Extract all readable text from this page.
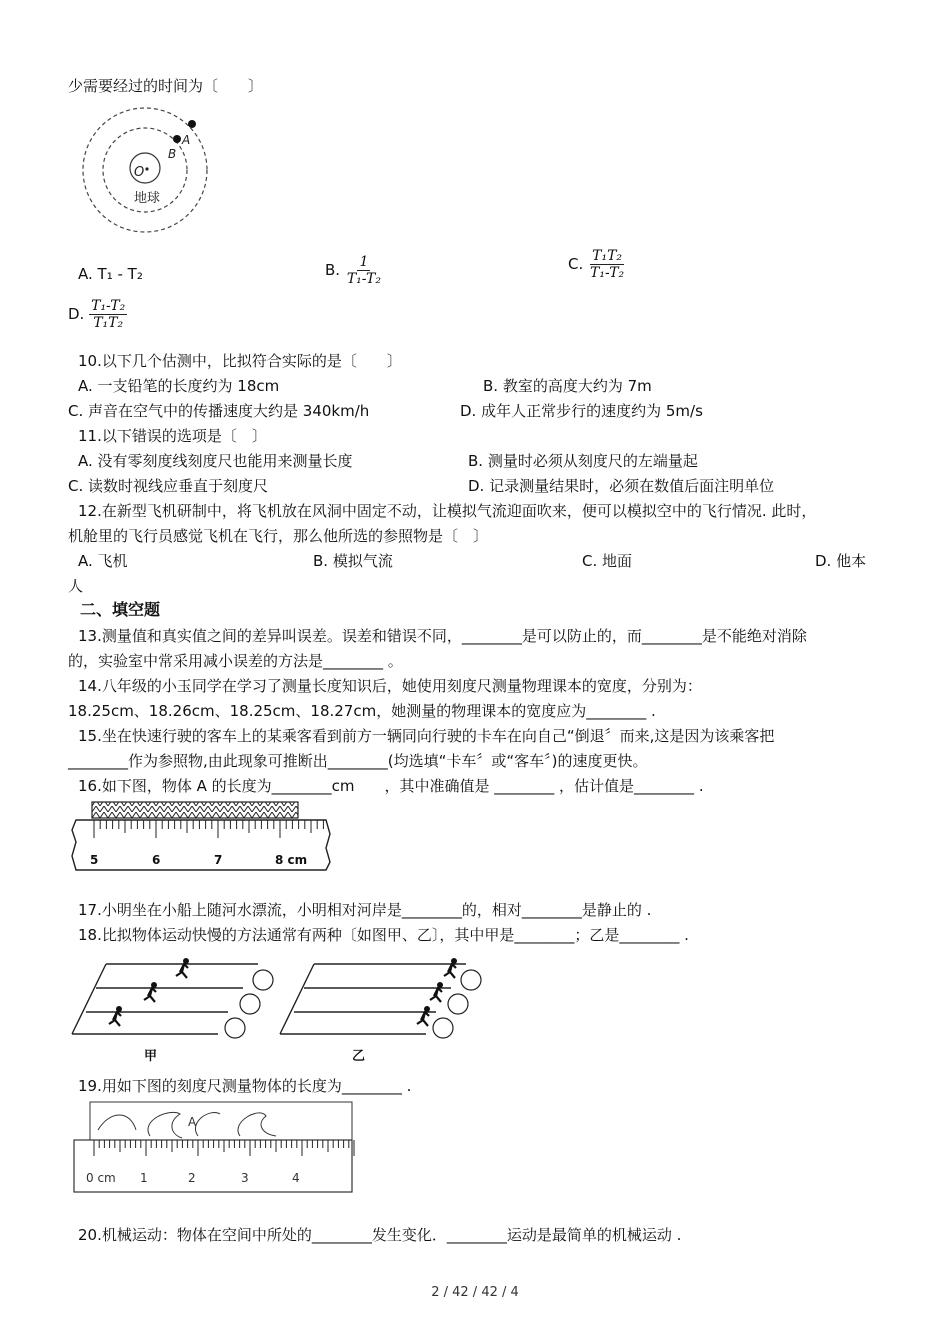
少需要经过的时间为〔　　〕
O
地球
A
B
A. T₁ - T₂	B. $\frac{1}{\text{T₁-T₂}}$	C. $\frac{\text{T₁T₂}}{\text{T₁-T₂}}$
D. $\frac{\text{T₁-T₂}}{\text{T₁T₂}}$
10.以下几个估测中，比拟符合实际的是〔　　〕
A. 一支铅笔的长度约为 18cm	B. 教室的高度大约为 7m
C. 声音在空气中的传播速度大约是 340km/h	D. 成年人正常步行的速度约为 5m/s
11.以下错误的选项是〔　〕
A. 没有零刻度线刻度尺也能用来测量长度	B. 测量时必须从刻度尺的左端量起
C. 读数时视线应垂直于刻度尺	D. 记录测量结果时，必须在数值后面注明单位
12.在新型飞机研制中，将飞机放在风洞中固定不动，让模拟气流迎面吹来，便可以模拟空中的飞行情况. 此时，
机舱里的飞行员感觉飞机在飞行，那么他所选的参照物是〔　〕
A. 飞机	B. 模拟气流	C. 地面	D. 他本
人
二、填空题
13.测量值和真实值之间的差异叫误差。误差和错误不同，________是可以防止的，而________是不能绝对消除
的，实验室中常采用减小误差的方法是________ 。
14.八年级的小玉同学在学习了测量长度知识后，她使用刻度尺测量物理课本的宽度，分别为：
18.25cm、18.26cm、18.25cm、18.27cm，她测量的物理课本的宽度应为________ .
15.坐在快速行驶的客车上的某乘客看到前方一辆同向行驶的卡车在向自己“倒退〞而来,这是因为该乘客把
________作为参照物,由此现象可推断出________(均选填“卡车〞或“客车〞)的速度更快。
16.如下图，物体 A 的长度为________cm　　，其中准确值是 ________ ，估计值是________ .
5	6	7	8 cm
17.小明坐在小船上随河水漂流，小明相对河岸是________的，相对________是静止的 .
18.比拟物体运动快慢的方法通常有两种〔如图甲、乙〕，其中甲是________；乙是________ .
甲	乙
19.用如下图的刻度尺测量物体的长度为________ .
A
0 cm 1	2	3	4
20.机械运动：物体在空间中所处的________发生变化．________运动是最简单的机械运动 .
2 / 42 / 42 / 4
